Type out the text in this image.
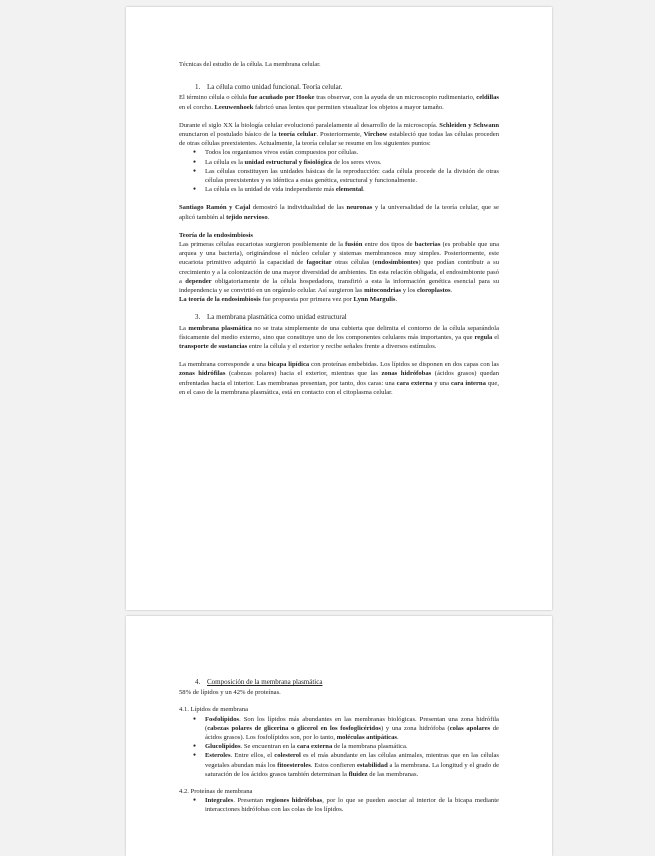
Técnicas del estudio de la célula. La membrana celular.

1. La célula como unidad funcional. Teoría celular.

El término célula o cèlula fue acuñado por Hooke tras observar, con la ayuda de un microscopio rudimentario, celdillas en el corcho. Leeuwenhoek fabricó unas lentes que permiten visualizar los objetos a mayor tamaño.

Durante el siglo XX la biología celular evolucionó paralelamente al desarrollo de la microscopía. Schleiden y Schwann enunciaron el postulado básico de la teoría celular. Posteriormente, Virchow estableció que todas las células proceden de otras células preexistentes. Actualmente, la teoría celular se resume en los siguientes puntos:

● Todos los organismos vivos están compuestos por células.
● La célula es la unidad estructural y fisiológica de los seres vivos.
● Las células constituyen las unidades básicas de la reproducción: cada célula procede de la división de otras células preexistentes y es idéntica a estas genética, estructural y funcionalmente.
● La célula es la unidad de vida independiente más elemental.

Santiago Ramón y Cajal demostró la individualidad de las neuronas y la universalidad de la teoría celular, que se aplicó también al tejido nervioso.

Teoría de la endosimbiosis

Las primeras células eucariotas surgieron posiblemente de la fusión entre dos tipos de bacterias (es probable que una arquea y una bacteria), originándose el núcleo celular y sistemas membranosos muy simples. Posteriormente, este eucariota primitivo adquirió la capacidad de fagocitar otras células (endosimbiontes) que podían contribuir a su crecimiento y a la colonización de una mayor diversidad de ambientes. En esta relación obligada, el endosimbionte pasó a depender obligatoriamente de la célula hospedadora, transfirió a esta la información genética esencial para su independencia y se convirtió en un orgánulo celular. Así surgieron las mitocondrias y los cloroplastos.

La teoría de la endosimbiosis fue propuesta por primera vez por Lynn Margulis.

3. La membrana plasmática como unidad estructural

La membrana plasmática no se trata simplemente de una cubierta que delimita el contorno de la célula separándola físicamente del medio externo, sino que constituye uno de los componentes celulares más importantes, ya que regula el transporte de sustancias entre la célula y el exterior y recibe señales frente a diversos estímulos.

La membrana corresponde a una bicapa lipídica con proteínas embebidas. Los lípidos se disponen en dos capas con las zonas hidrófilas (cabezas polares) hacia el exterior, mientras que las zonas hidrófobas (ácidos grasos) quedan enfrentadas hacia el interior. Las membranas presentan, por tanto, dos caras: una cara externa y una cara interna que, en el caso de la membrana plasmática, está en contacto con el citoplasma celular.

4. Composición de la membrana plasmática

58% de lípidos y un 42% de proteínas.

4.1. Lípidos de membrana

● Fosfolípidos. Son los lípidos más abundantes en las membranas biológicas. Presentan una zona hidrófila (cabezas polares de glicerina o glicerol en los fosfoglicéridos) y una zona hidrófoba (colas apolares de ácidos grasos). Los fosfolípidos son, por lo tanto, moléculas antipáticas.
● Glucolípidos. Se encuentran en la cara externa de la membrana plasmática.
● Esteroles. Entre ellos, el colesterol es el más abundante en las células animales, mientras que en las células vegetales abundan más los fitoesteroles. Estos confieren estabilidad a la membrana. La longitud y el grado de saturación de los ácidos grasos también determinan la fluidez de las membranas.

4.2. Proteínas de membrana

● Integrales. Presentan regiones hidrófobas, por lo que se pueden asociar al interior de la bicapa mediante interacciones hidrófobas con las colas de los lípidos.
